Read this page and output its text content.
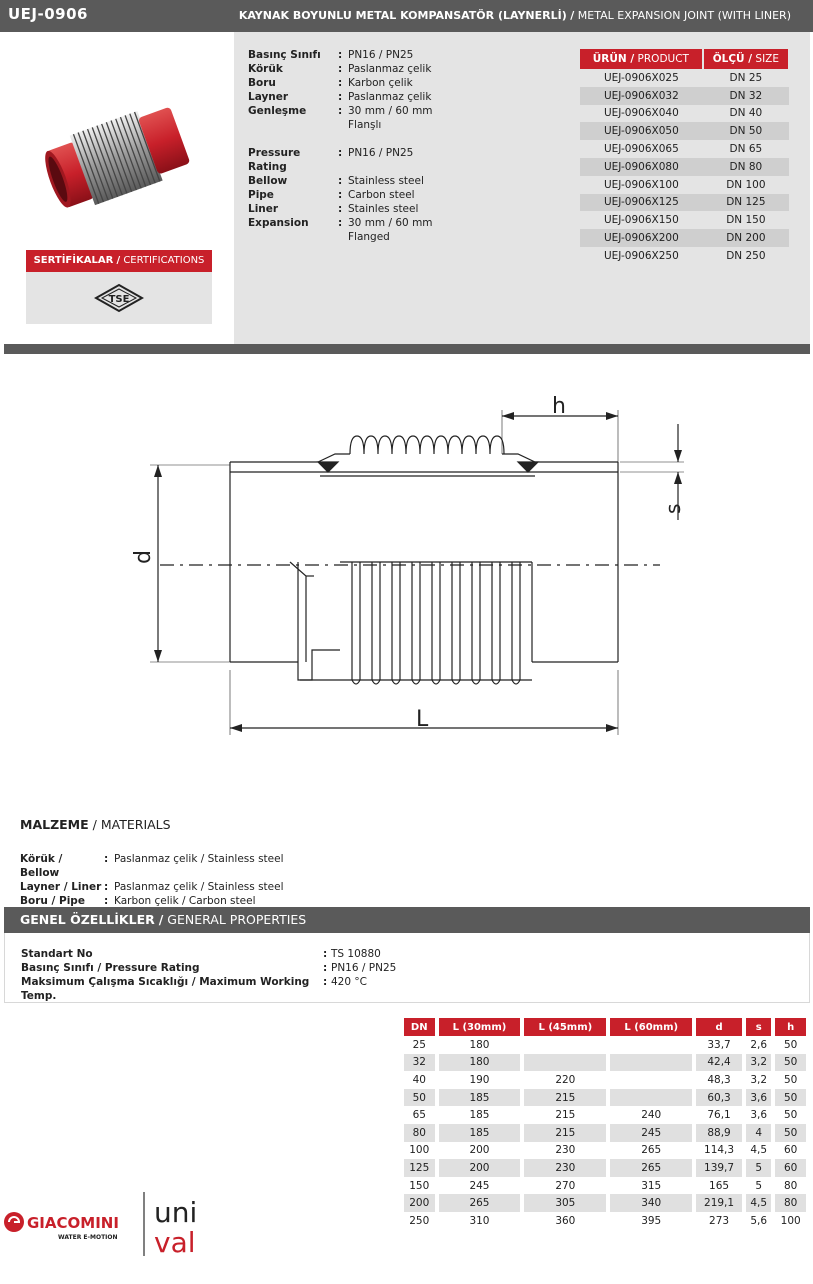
UEJ-0906	KAYNAK BOYUNLU METAL KOMPANSATÖR (LAYNERLİ) / METAL EXPANSION JOINT (WITH LINER)
SERTİFİKALAR / CERTIFICATIONS
TSE
Basınç Sınıfı	: PN16 / PN25
Körük	: Paslanmaz çelik
Boru	: Karbon çelik
Layner	: Paslanmaz çelik
Genleşme	: 30 mm / 60 mm
Flanşlı
Pressure Rating
: PN16 / PN25
Bellow	: Stainless steel
Pipe	: Carbon steel
Liner	: Stainles steel
Expansion	: 30 mm / 60 mm
Flanged
ÜRÜN / PRODUCT	ÖLÇÜ / SIZE
UEJ-0906X025	DN 25
UEJ-0906X032	DN 32
UEJ-0906X040	DN 40
UEJ-0906X050	DN 50
UEJ-0906X065	DN 65
UEJ-0906X080	DN 80
UEJ-0906X100	DN 100
UEJ-0906X125	DN 125
UEJ-0906X150	DN 150
UEJ-0906X200	DN 200
UEJ-0906X250	DN 250
d
L
h
s
MALZEME / MATERIALS
Körük / Bellow
: Paslanmaz çelik / Stainless steel
Layner / Liner : Paslanmaz çelik / Stainless steel
Boru / Pipe	: Karbon çelik / Carbon steel
GENEL ÖZELLİKLER / GENERAL PROPERTIES
Standart No	: TS 10880
Basınç Sınıfı / Pressure Rating	: PN16 / PN25
Maksimum Çalışma Sıcaklığı / Maximum Working Temp.
: 420 °C
DN	L (30mm)	L (45mm)	L (60mm)	d	s	h
25	180			33,7	2,6	50
32	180			42,4	3,2	50
40	190	220		48,3	3,2	50
50	185	215		60,3	3,6	50
65	185	215	240	76,1	3,6	50
80	185	215	245	88,9	4	50
100	200	230	265	114,3	4,5	60
125	200	230	265	139,7	5	60
150	245	270	315	165	5	80
200	265	305	340	219,1	4,5	80
250	310	360	395	273	5,6	100
GIACOMINI
WATER E-MOTION
uni
val
